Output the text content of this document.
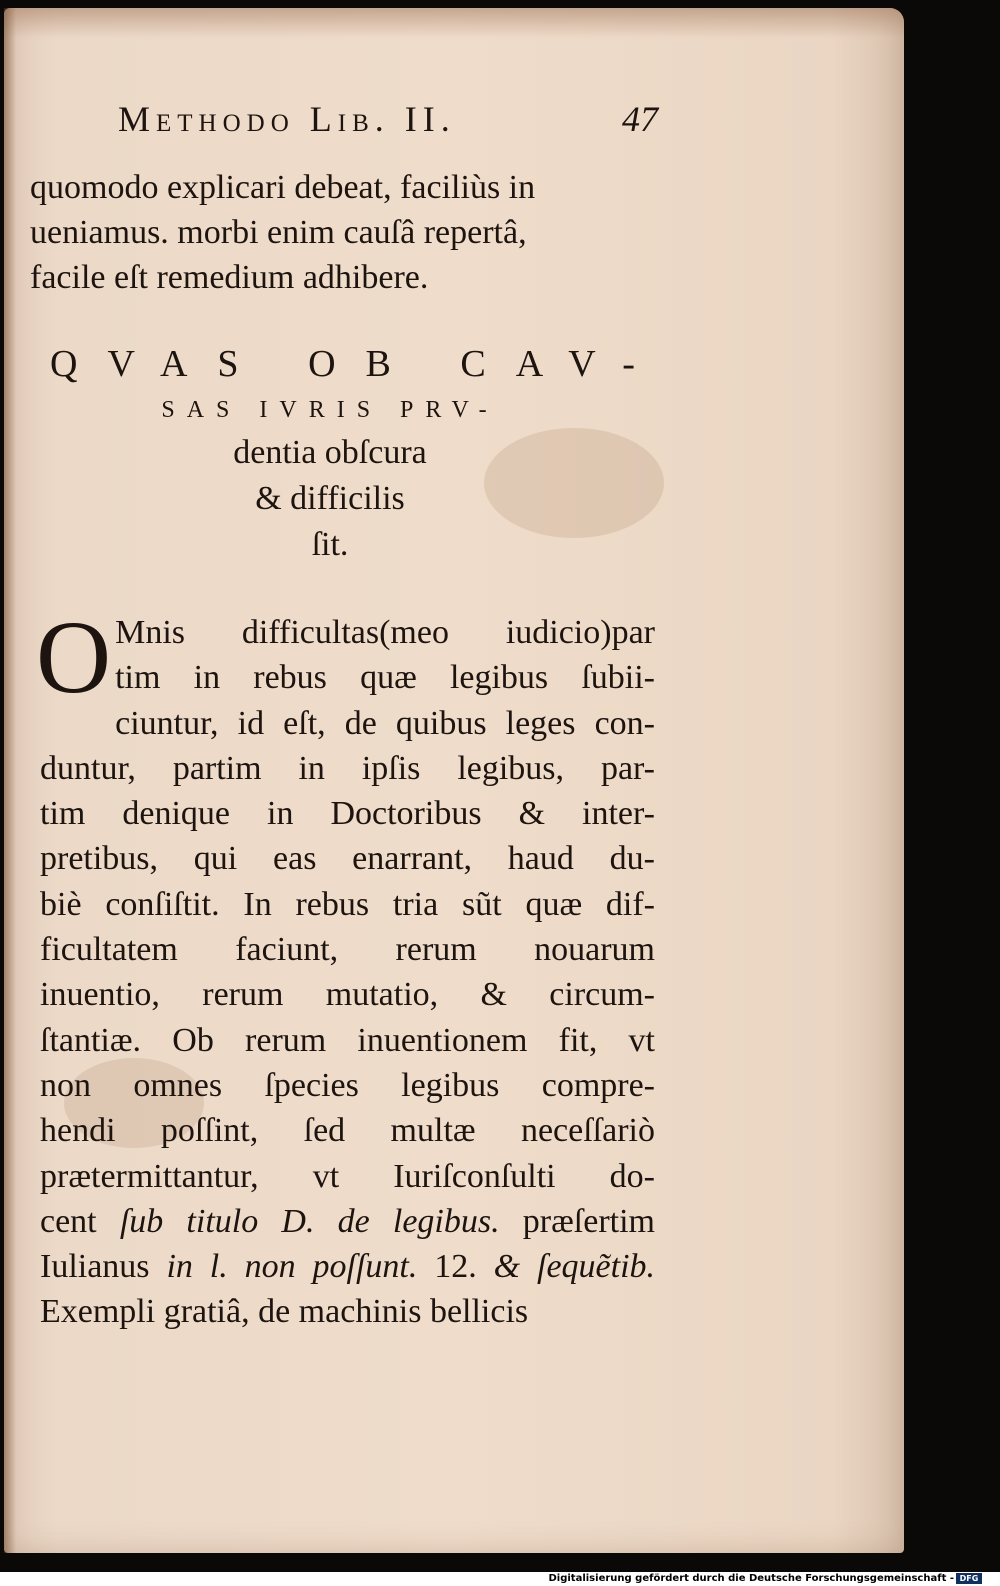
Methodo Lib. II.	47
quomodo explicari debeat, faciliùs in
ueniamus. morbi enim cauſâ repertâ,
facile eſt remedium adhibere.
QVAS OB CAV-
SAS IVRIS PRV-
dentia obſcura
& difficilis
ſit.
O Mnis difficultas(meo iudicio)par
tim in rebus quæ legibus ſubii-
ciuntur, id eſt, de quibus leges con-
duntur, partim in ipſis legibus, par-
tim denique in Doctoribus & inter-
pretibus, qui eas enarrant, haud du-
biè conſiſtit. In rebus tria sũt quæ dif-
ficultatem faciunt, rerum nouarum
inuentio, rerum mutatio, & circum-
ſtantiæ. Ob rerum inuentionem fit, vt
non omnes ſpecies legibus compre-
hendi poſſint, ſed multæ neceſſariò
prætermittantur, vt Iuriſconſulti do-
cent ſub titulo D. de legibus. præſertim
Iulianus in l. non poſſunt. 12. & ſequẽtib.
Exempli gratiâ, de machinis bellicis
Digitalisierung gefördert durch die Deutsche Forschungsgemeinschaft - DFG
